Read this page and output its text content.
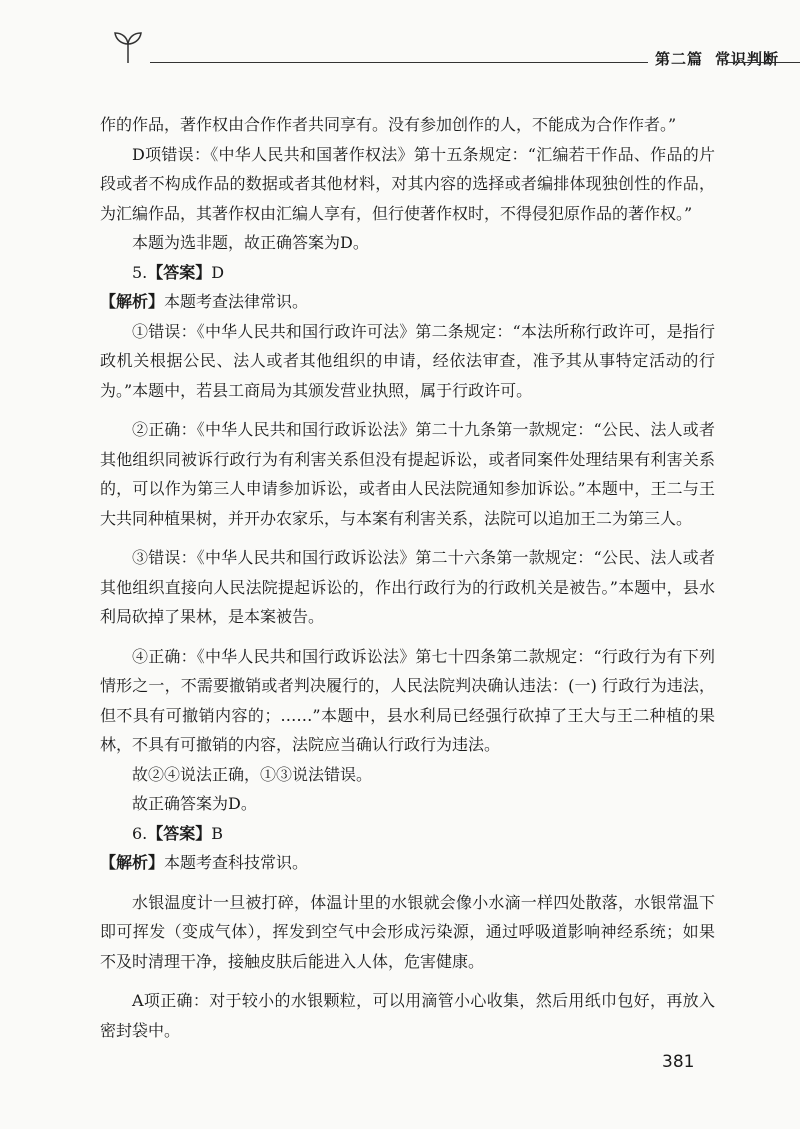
第二篇 常识判断

作的作品，著作权由合作作者共同享有。没有参加创作的人，不能成为合作作者。”

D项错误：《中华人民共和国著作权法》第十五条规定：“汇编若干作品、作品的片段或者不构成作品的数据或者其他材料，对其内容的选择或者编排体现独创性的作品，为汇编作品，其著作权由汇编人享有，但行使著作权时，不得侵犯原作品的著作权。”

本题为选非题，故正确答案为D。

5.【答案】D

【解析】本题考查法律常识。

①错误：《中华人民共和国行政许可法》第二条规定：“本法所称行政许可，是指行政机关根据公民、法人或者其他组织的申请，经依法审查，准予其从事特定活动的行为。”本题中，若县工商局为其颁发营业执照，属于行政许可。

②正确：《中华人民共和国行政诉讼法》第二十九条第一款规定：“公民、法人或者其他组织同被诉行政行为有利害关系但没有提起诉讼，或者同案件处理结果有利害关系的，可以作为第三人申请参加诉讼，或者由人民法院通知参加诉讼。”本题中，王二与王大共同种植果树，并开办农家乐，与本案有利害关系，法院可以追加王二为第三人。

③错误：《中华人民共和国行政诉讼法》第二十六条第一款规定：“公民、法人或者其他组织直接向人民法院提起诉讼的，作出行政行为的行政机关是被告。”本题中，县水利局砍掉了果林，是本案被告。

④正确：《中华人民共和国行政诉讼法》第七十四条第二款规定：“行政行为有下列情形之一，不需要撤销或者判决履行的，人民法院判决确认违法：(一) 行政行为违法，但不具有可撤销内容的；……”本题中，县水利局已经强行砍掉了王大与王二种植的果林，不具有可撤销的内容，法院应当确认行政行为违法。

故②④说法正确，①③说法错误。

故正确答案为D。

6.【答案】B

【解析】本题考查科技常识。

水银温度计一旦被打碎，体温计里的水银就会像小水滴一样四处散落，水银常温下即可挥发（变成气体），挥发到空气中会形成污染源，通过呼吸道影响神经系统；如果不及时清理干净，接触皮肤后能进入人体，危害健康。

A项正确：对于较小的水银颗粒，可以用滴管小心收集，然后用纸巾包好，再放入密封袋中。

381
